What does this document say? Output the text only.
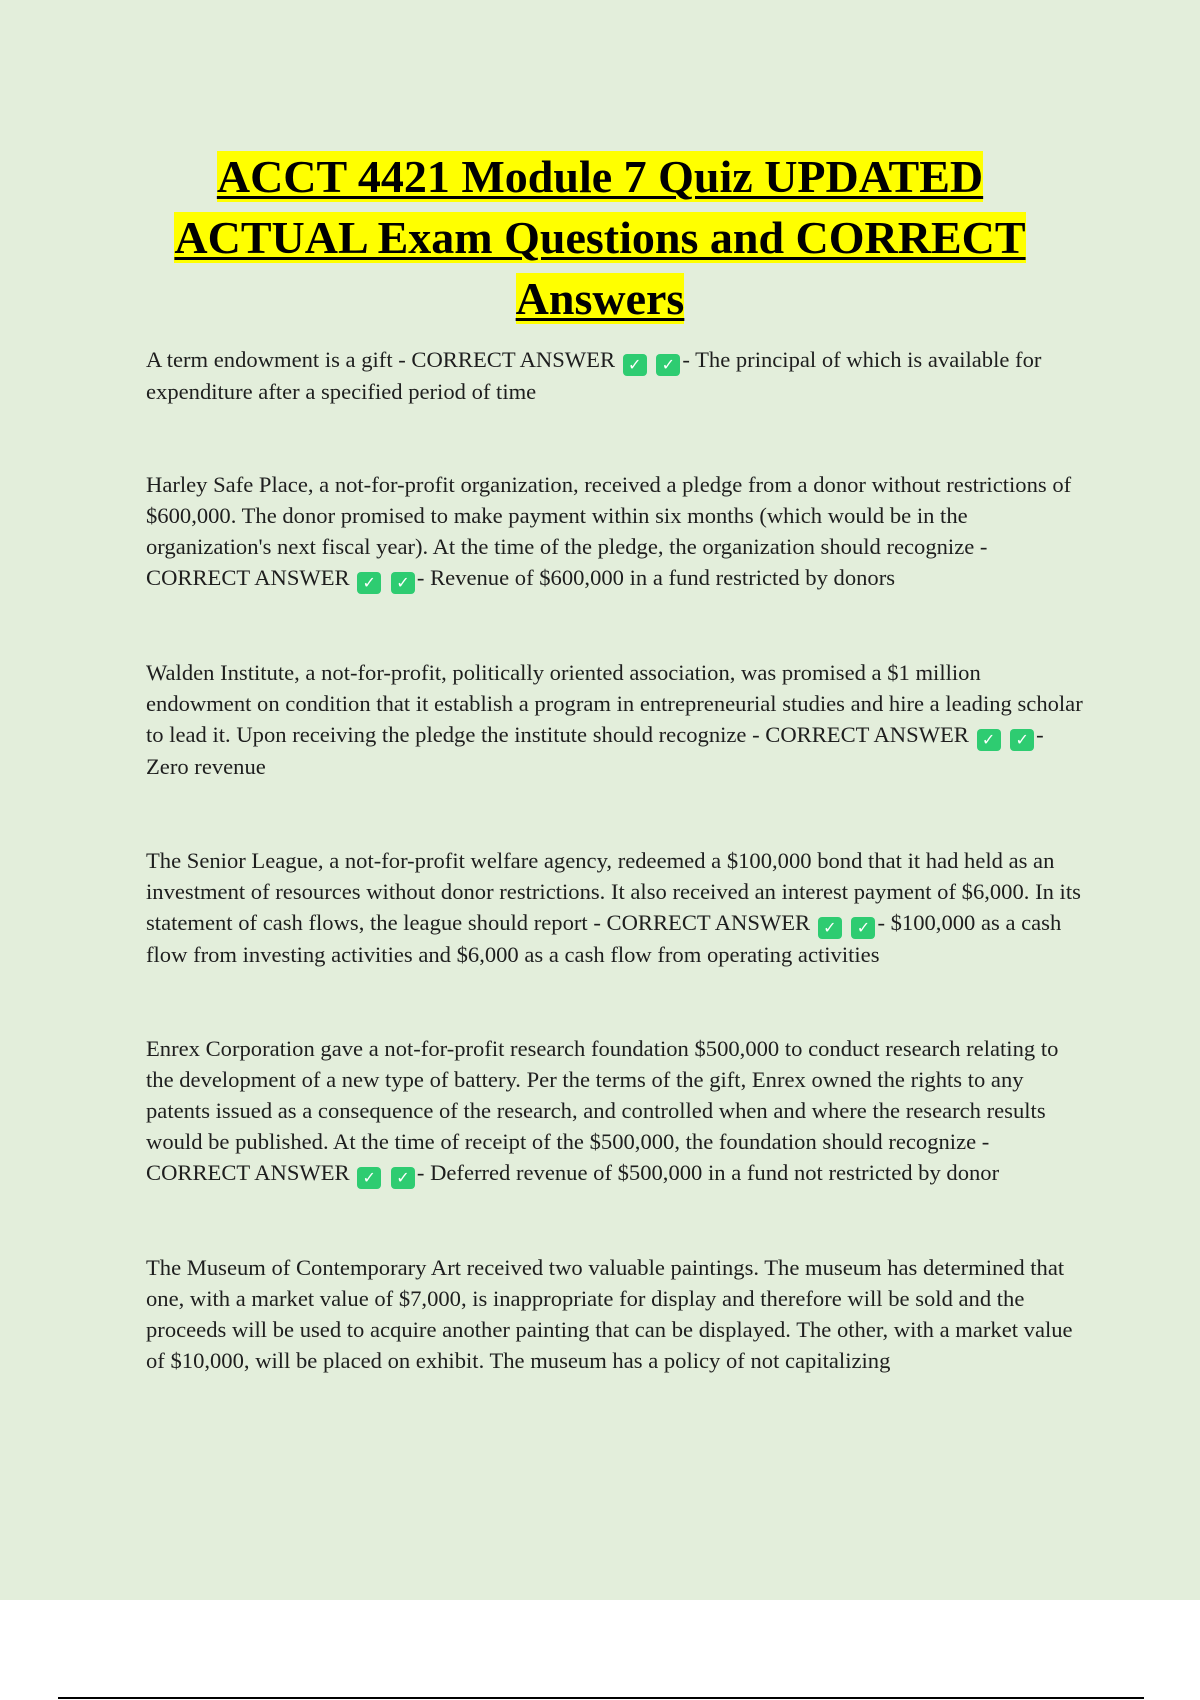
ACCT 4421 Module 7 Quiz UPDATED
ACTUAL Exam Questions and CORRECT
Answers

A term endowment is a gift - CORRECT ANSWER ✓ ✓ - The principal of which is available for expenditure after a specified period of time

Harley Safe Place, a not-for-profit organization, received a pledge from a donor without restrictions of $600,000. The donor promised to make payment within six months (which would be in the organization's next fiscal year). At the time of the pledge, the organization should recognize - CORRECT ANSWER ✓ ✓ - Revenue of $600,000 in a fund restricted by donors

Walden Institute, a not-for-profit, politically oriented association, was promised a $1 million endowment on condition that it establish a program in entrepreneurial studies and hire a leading scholar to lead it. Upon receiving the pledge the institute should recognize - CORRECT ANSWER ✓ ✓ - Zero revenue

The Senior League, a not-for-profit welfare agency, redeemed a $100,000 bond that it had held as an investment of resources without donor restrictions. It also received an interest payment of $6,000. In its statement of cash flows, the league should report - CORRECT ANSWER ✓ ✓ - $100,000 as a cash flow from investing activities and $6,000 as a cash flow from operating activities

Enrex Corporation gave a not-for-profit research foundation $500,000 to conduct research relating to the development of a new type of battery. Per the terms of the gift, Enrex owned the rights to any patents issued as a consequence of the research, and controlled when and where the research results would be published. At the time of receipt of the $500,000, the foundation should recognize - CORRECT ANSWER ✓ ✓ - Deferred revenue of $500,000 in a fund not restricted by donor

The Museum of Contemporary Art received two valuable paintings. The museum has determined that one, with a market value of $7,000, is inappropriate for display and therefore will be sold and the proceeds will be used to acquire another painting that can be displayed. The other, with a market value of $10,000, will be placed on exhibit. The museum has a policy of not capitalizing
